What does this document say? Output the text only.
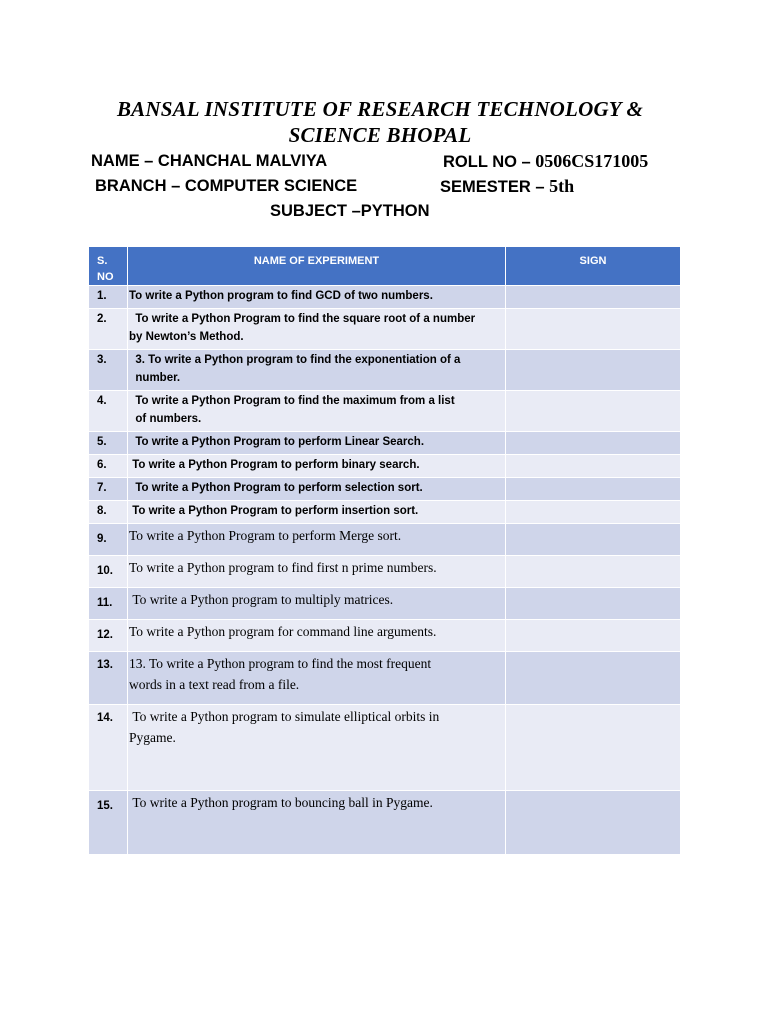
BANSAL INSTITUTE OF RESEARCH TECHNOLOGY &
SCIENCE BHOPAL
NAME – CHANCHAL MALVIYA	ROLL NO – 0506CS171005
BRANCH – COMPUTER SCIENCE	SEMESTER – 5th
SUBJECT –PYTHON
S.
NO	NAME OF EXPERIMENT	SIGN
1.	To write a Python program to find GCD of two numbers.	
2.	To write a Python Program to find the square root of a number
by Newton’s Method.	
3.	3. To write a Python program to find the exponentiation of a
number.	
4.	To write a Python Program to find the maximum from a list
of numbers.	
5.	To write a Python Program to perform Linear Search.	
6.	To write a Python Program to perform binary search.	
7.	To write a Python Program to perform selection sort.	
8.	To write a Python Program to perform insertion sort.	
9.	To write a Python Program to perform Merge sort.	
10.	To write a Python program to find first n prime numbers.	
11.	To write a Python program to multiply matrices.	
12.	To write a Python program for command line arguments.	
13.	13. To write a Python program to find the most frequent
words in a text read from a file.	
14.	To write a Python program to simulate elliptical orbits in
Pygame.	
15.	To write a Python program to bouncing ball in Pygame.	
